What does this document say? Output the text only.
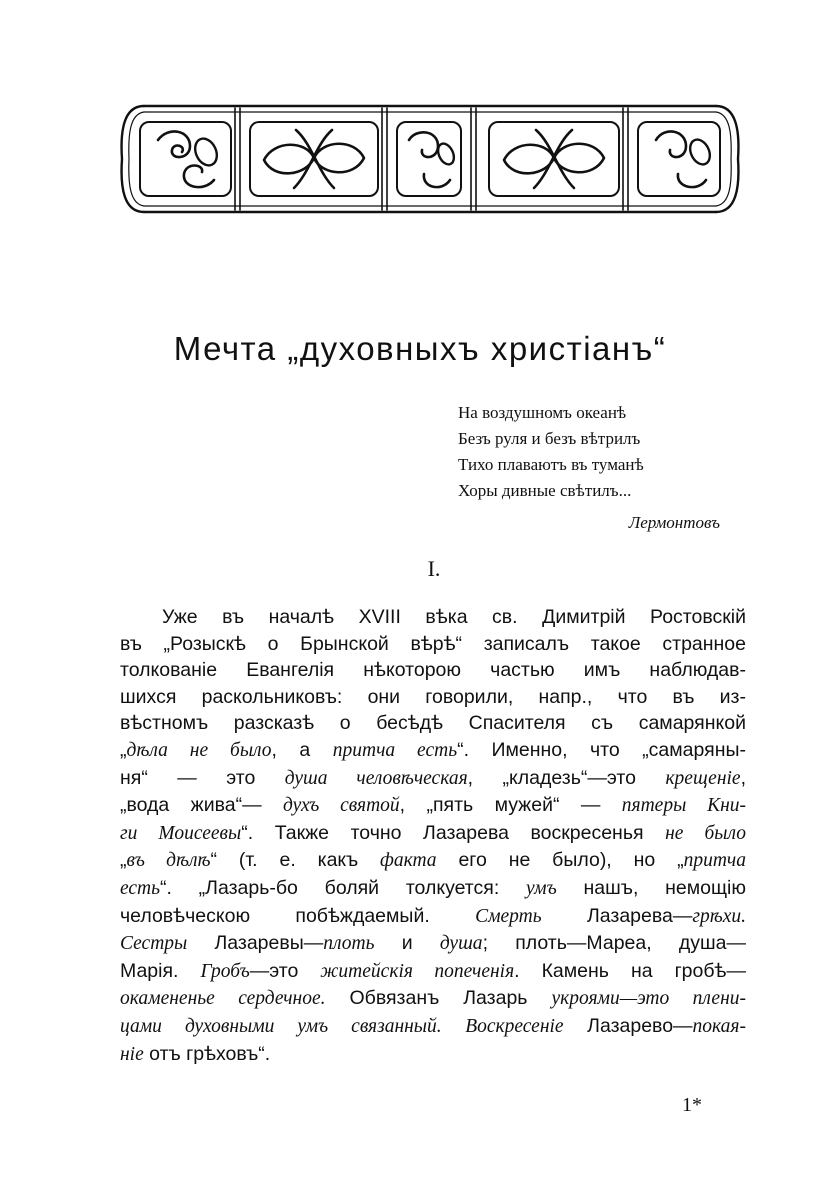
Мечта „духовныхъ христіанъ“
На воздушномъ океанѣ
Безъ руля и безъ вѣтрилъ
Тихо плаваютъ въ туманѣ
Хоры дивные свѣтилъ...
Лермонтовъ
I.
Уже въ началѣ XVIII вѣка св. Димитрій Ростовскій
въ „Розыскѣ о Брынской вѣрѣ“ записалъ такое странное
толкованіе Евангелія нѣкоторою частью имъ наблюдав-
шихся раскольниковъ: они говорили, напр., что въ из-
вѣстномъ разсказѣ о бесѣдѣ Спасителя съ самарянкой
„дѣла не было, а притча есть“. Именно, что „самаряны-
ня“ — это душа человѣческая, „кладезь“—это крещеніе,
„вода жива“— духъ святой, „пять мужей“ — пятеры Кни-
ги Моисеевы“. Также точно Лазарева воскресенья не было
„въ дѣлѣ“ (т. е. какъ факта его не было), но „притча
есть“. „Лазарь-бо боляй толкуется: умъ нашъ, немощію
человѣческою побѣждаемый. Смерть Лазарева—грѣхи.
Сестры Лазаревы—плоть и душа; плоть—Мареа, душа—
Марія. Гробъ—это житейскія попеченія. Камень на гробѣ—
окамененье сердечное. Обвязанъ Лазарь укроями—это плени-
цами духовными умъ связанный. Воскресеніе Лазарево—покая-
ніе отъ грѣховъ“.
1*
